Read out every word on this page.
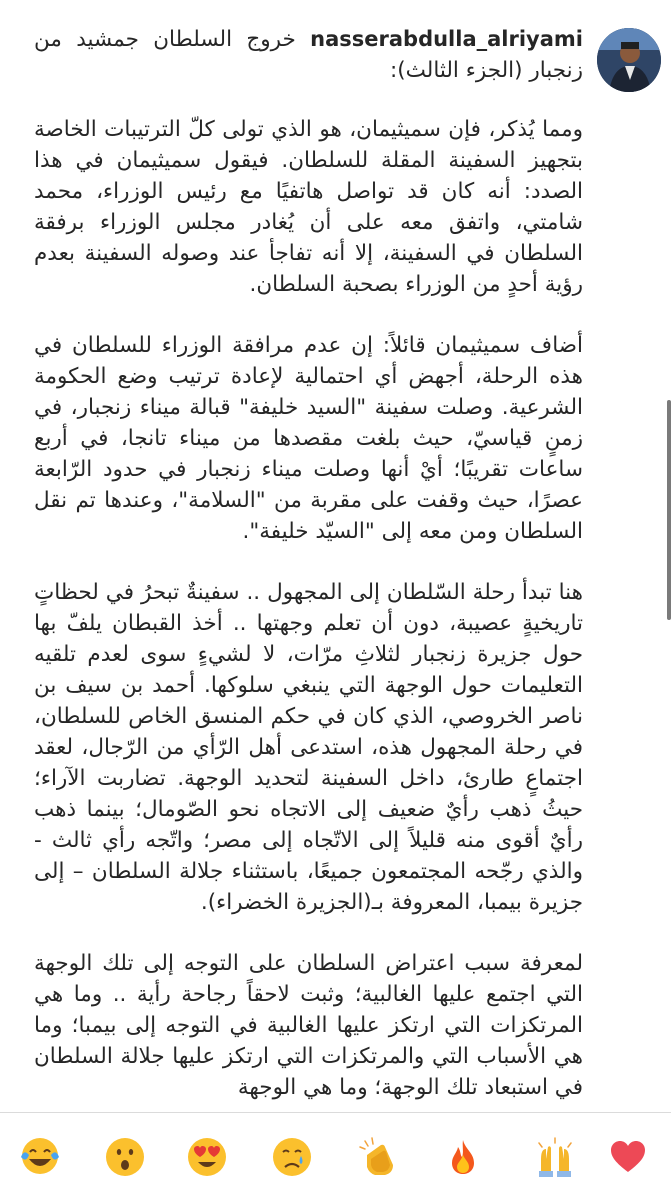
nasserabdulla_alriyami خروج السلطان جمشيد من زنجبار (الجزء الثالث):

ومما يُذكر، فإن سميثيمان، هو الذي تولى كلّ الترتيبات الخاصة بتجهيز السفينة المقلة للسلطان. فيقول سميثيمان في هذا الصدد: أنه كان قد تواصل هاتفيًا مع رئيس الوزراء، محمد شامتي، واتفق معه على أن يُغادر مجلس الوزراء برفقة السلطان في السفينة، إلا أنه تفاجأ عند وصوله السفينة بعدم رؤية أحدٍ من الوزراء بصحبة السلطان.

أضاف سميثيمان قائلاً: إن عدم مرافقة الوزراء للسلطان في هذه الرحلة، أجهض أي احتمالية لإعادة ترتيب وضع الحكومة الشرعية. وصلت سفينة "السيد خليفة" قبالة ميناء زنجبار، في زمنٍ قياسيّ، حيث بلغت مقصدها من ميناء تانجا، في أربع ساعات تقريبًا؛ أيْ أنها وصلت ميناء زنجبار في حدود الرّابعة عصرًا، حيث وقفت على مقربة من "السلامة"، وعندها تم نقل السلطان ومن معه إلى "السيّد خليفة".

هنا تبدأ رحلة السّلطان إلى المجهول .. سفينةٌ تبحرُ في لحظاتٍ تاريخيةٍ عصيبة، دون أن تعلم وجهتها .. أخذ القبطان يلفّ بها حول جزيرة زنجبار لثلاثِ مرّات، لا لشيءٍ سوى لعدم تلقيه التعليمات حول الوجهة التي ينبغي سلوكها. أحمد بن سيف بن ناصر الخروصي، الذي كان في حكم المنسق الخاص للسلطان، في رحلة المجهول هذه، استدعى أهل الرّأي من الرّجال، لعقد اجتماعٍ طارئ، داخل السفينة لتحديد الوجهة. تضاربت الآراء؛ حيثُ ذهب رأيٌ ضعيف إلى الاتجاه نحو الصّومال؛ بينما ذهب رأيٌ أقوى منه قليلاً إلى الاتّجاه إلى مصر؛ واتّجه رأي ثالث - والذي رجّحه المجتمعون جميعًا، باستثناء جلالة السلطان – إلى جزيرة بيمبا، المعروفة بـ(الجزيرة الخضراء).

لمعرفة سبب اعتراض السلطان على التوجه إلى تلك الوجهة التي اجتمع عليها الغالبية؛ وثبت لاحقاً رجاحة رأية .. وما هي المرتكزات التي ارتكز عليها الغالبية في التوجه إلى بيمبا؛ وما هي الأسباب التي والمرتكزات التي ارتكز عليها جلالة السلطان في استبعاد تلك الوجهة؛ وما هي الوجهة
